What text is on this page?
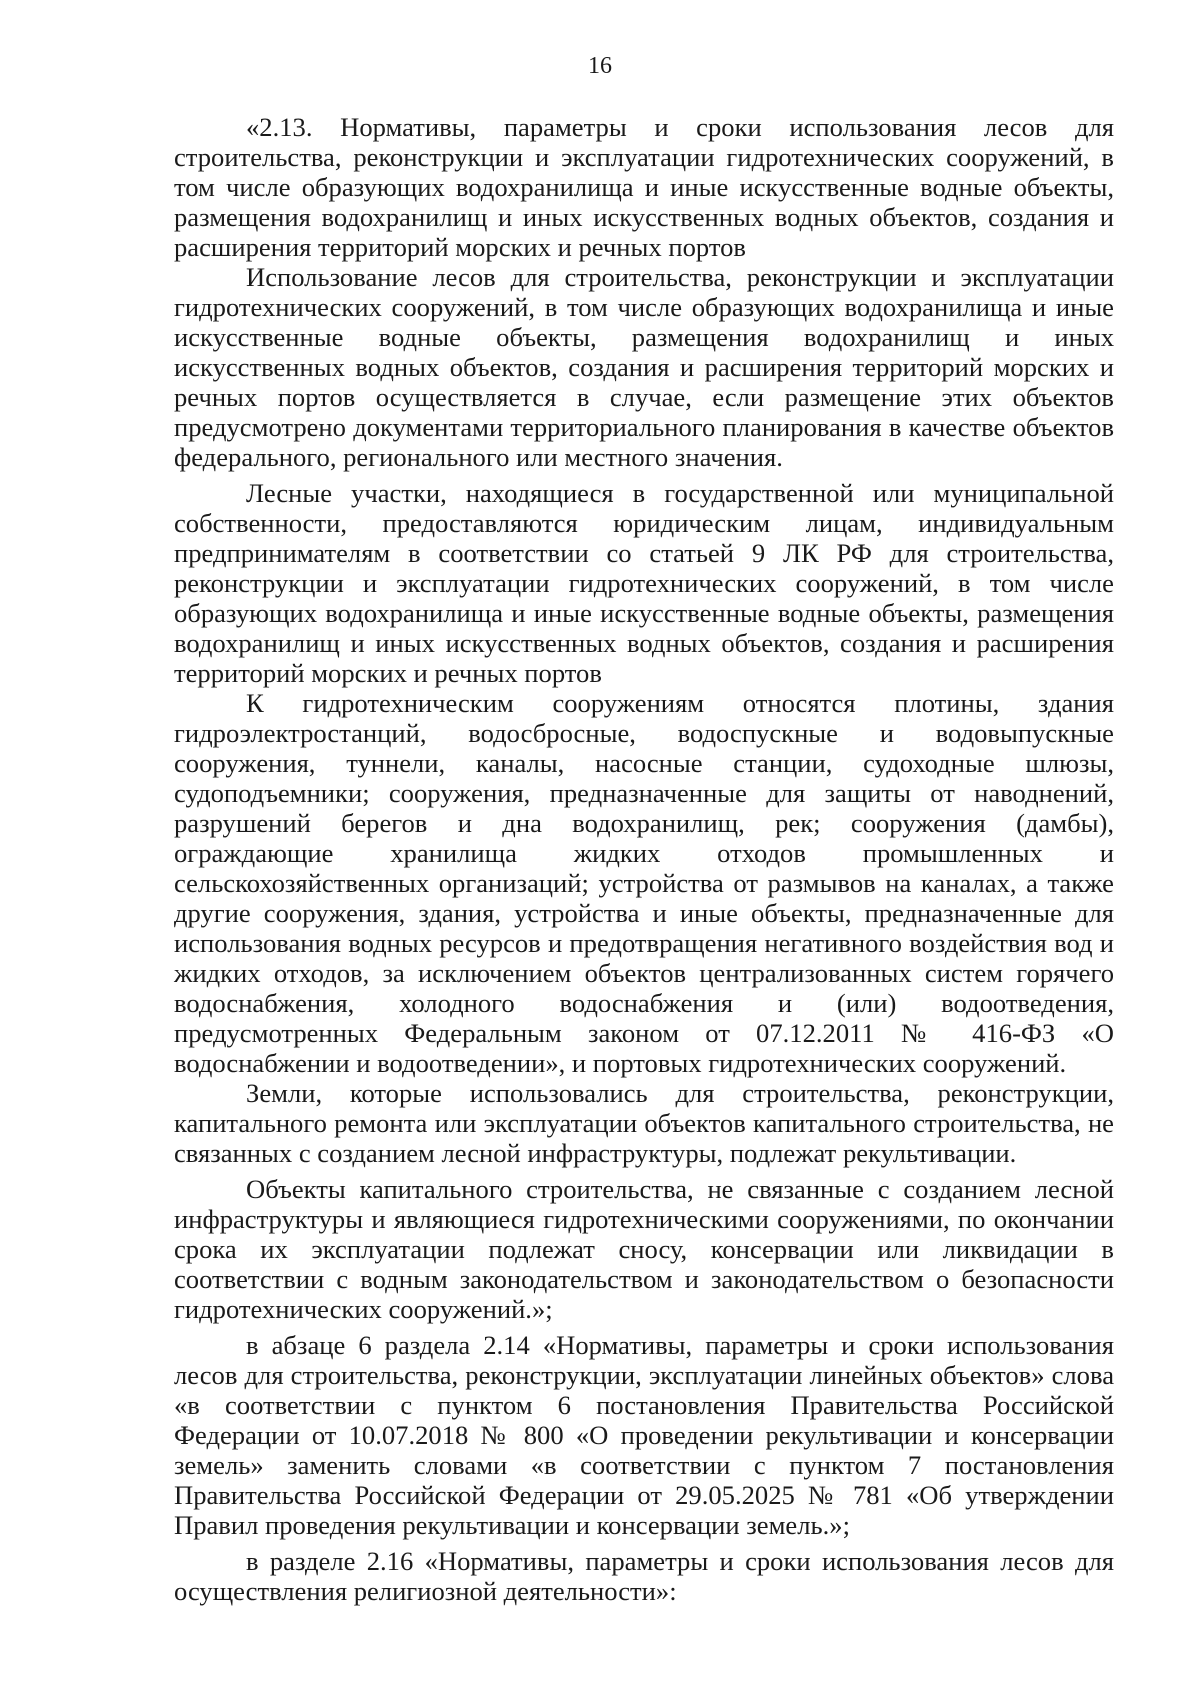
16

«2.13. Нормативы, параметры и сроки использования лесов для строительства, реконструкции и эксплуатации гидротехнических сооружений, в том числе образующих водохранилища и иные искусственные водные объекты, размещения водохранилищ и иных искусственных водных объектов, создания и расширения территорий морских и речных портов

Использование лесов для строительства, реконструкции и эксплуатации гидротехнических сооружений, в том числе образующих водохранилища и иные искусственные водные объекты, размещения водохранилищ и иных искусственных водных объектов, создания и расширения территорий морских и речных портов осуществляется в случае, если размещение этих объектов предусмотрено документами территориального планирования в качестве объектов федерального, регионального или местного значения.

Лесные участки, находящиеся в государственной или муниципальной собственности, предоставляются юридическим лицам, индивидуальным предпринимателям в соответствии со статьей 9 ЛК РФ для строительства, реконструкции и эксплуатации гидротехнических сооружений, в том числе образующих водохранилища и иные искусственные водные объекты, размещения водохранилищ и иных искусственных водных объектов, создания и расширения территорий морских и речных портов

К гидротехническим сооружениям относятся плотины, здания гидроэлектростанций, водосбросные, водоспускные и водовыпускные сооружения, туннели, каналы, насосные станции, судоходные шлюзы, судоподъемники; сооружения, предназначенные для защиты от наводнений, разрушений берегов и дна водохранилищ, рек; сооружения (дамбы), ограждающие хранилища жидких отходов промышленных и сельскохозяйственных организаций; устройства от размывов на каналах, а также другие сооружения, здания, устройства и иные объекты, предназначенные для использования водных ресурсов и предотвращения негативного воздействия вод и жидких отходов, за исключением объектов централизованных систем горячего водоснабжения, холодного водоснабжения и (или) водоотведения, предусмотренных Федеральным законом от 07.12.2011 № 416-ФЗ «О водоснабжении и водоотведении», и портовых гидротехнических сооружений.

Земли, которые использовались для строительства, реконструкции, капитального ремонта или эксплуатации объектов капитального строительства, не связанных с созданием лесной инфраструктуры, подлежат рекультивации.

Объекты капитального строительства, не связанные с созданием лесной инфраструктуры и являющиеся гидротехническими сооружениями, по окончании срока их эксплуатации подлежат сносу, консервации или ликвидации в соответствии с водным законодательством и законодательством о безопасности гидротехнических сооружений.»;

в абзаце 6 раздела 2.14 «Нормативы, параметры и сроки использования лесов для строительства, реконструкции, эксплуатации линейных объектов» слова «в соответствии с пунктом 6 постановления Правительства Российской Федерации от 10.07.2018 № 800 «О проведении рекультивации и консервации земель» заменить словами «в соответствии с пунктом 7 постановления Правительства Российской Федерации от 29.05.2025 № 781 «Об утверждении Правил проведения рекультивации и консервации земель.»;

в разделе 2.16 «Нормативы, параметры и сроки использования лесов для осуществления религиозной деятельности»:
